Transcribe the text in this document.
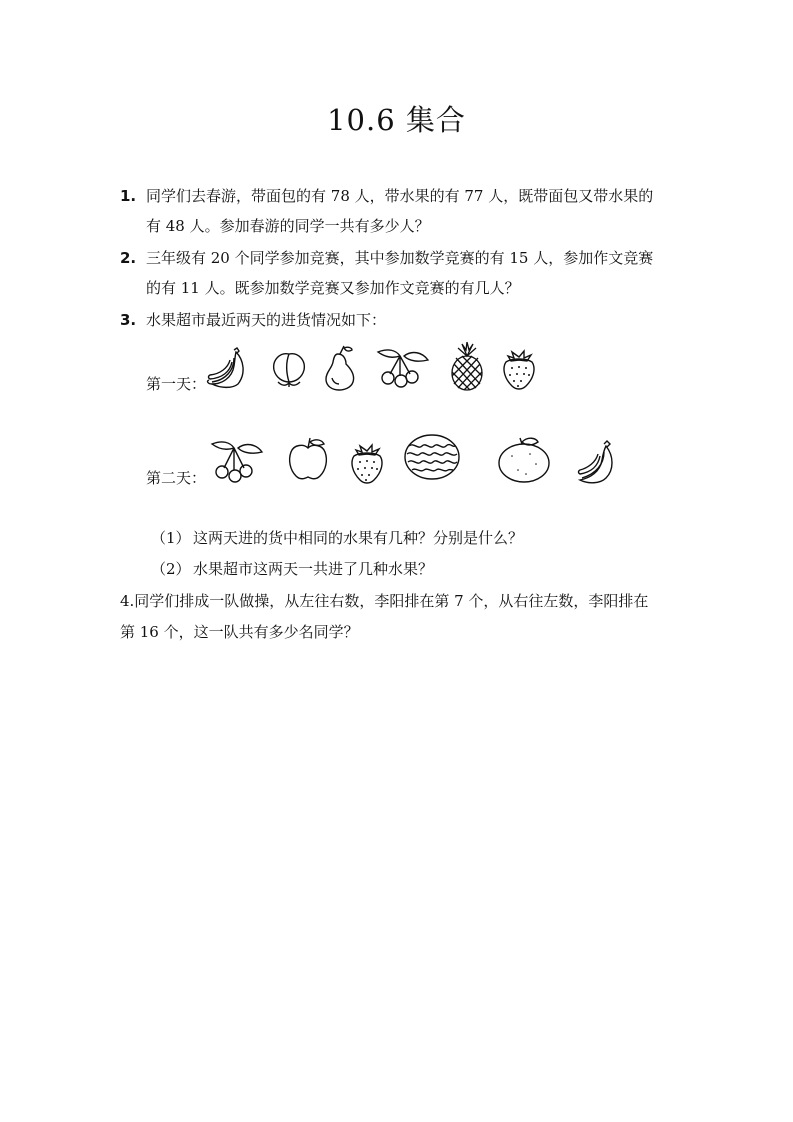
10.6 集合
1. 同学们去春游，带面包的有 78 人，带水果的有 77 人，既带面包又带水果的
有 48 人。参加春游的同学一共有多少人？
2. 三年级有 20 个同学参加竞赛，其中参加数学竞赛的有 15 人，参加作文竞赛
的有 11 人。既参加数学竞赛又参加作文竞赛的有几人？
3. 水果超市最近两天的进货情况如下：
第一天：
第二天：
（1） 这两天进的货中相同的水果有几种？分别是什么？
（2） 水果超市这两天一共进了几种水果？
4.同学们排成一队做操，从左往右数，李阳排在第 7 个，从右往左数，李阳排在
第 16 个，这一队共有多少名同学？
